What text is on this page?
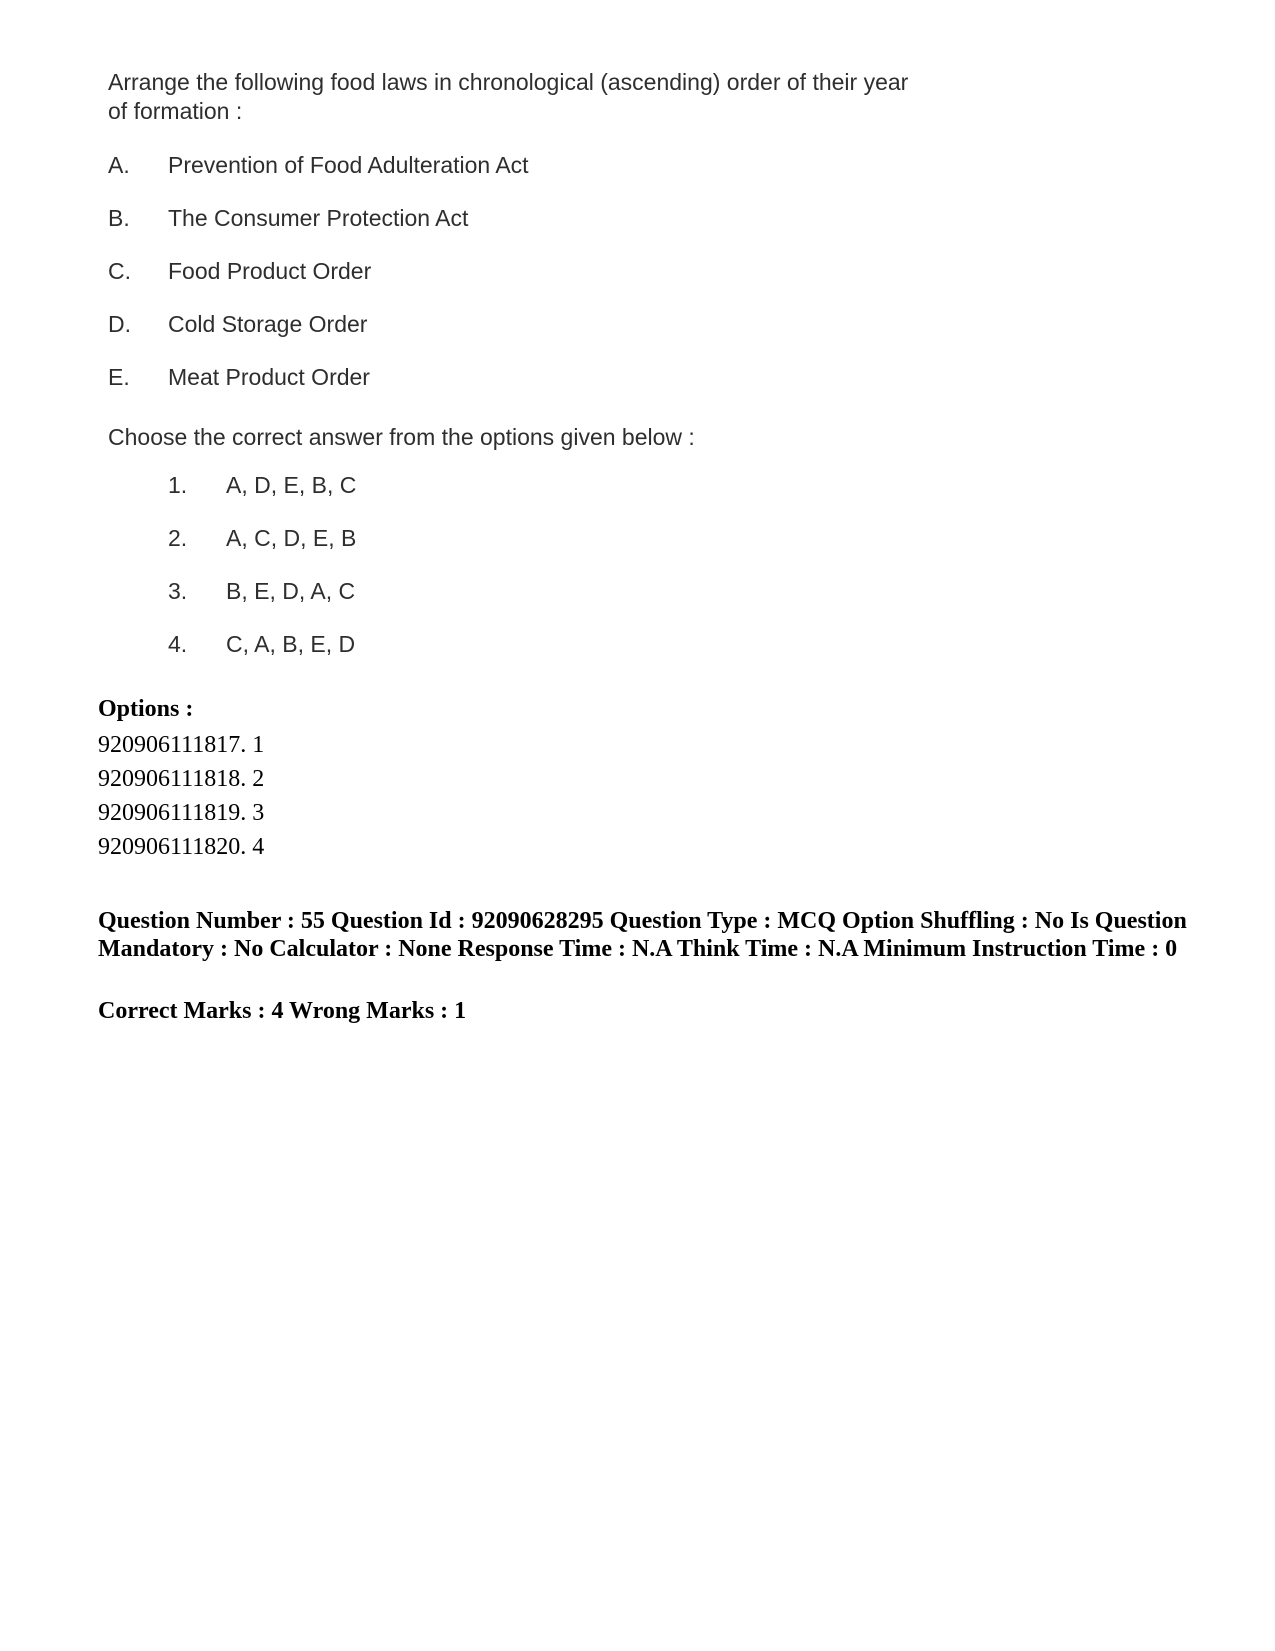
Arrange the following food laws in chronological (ascending) order of their year
of formation :
A.	Prevention of Food Adulteration Act
B.	The Consumer Protection Act
C.	Food Product Order
D.	Cold Storage Order
E.	Meat Product Order
Choose the correct answer from the options given below :
1.	A, D, E, B, C
2.	A, C, D, E, B
3.	B, E, D, A, C
4.	C, A, B, E, D
Options :
920906111817. 1
920906111818. 2
920906111819. 3
920906111820. 4
Question Number : 55 Question Id : 92090628295 Question Type : MCQ Option Shuffling : No Is Question Mandatory : No Calculator : None Response Time : N.A Think Time : N.A Minimum Instruction Time : 0
Correct Marks : 4 Wrong Marks : 1
